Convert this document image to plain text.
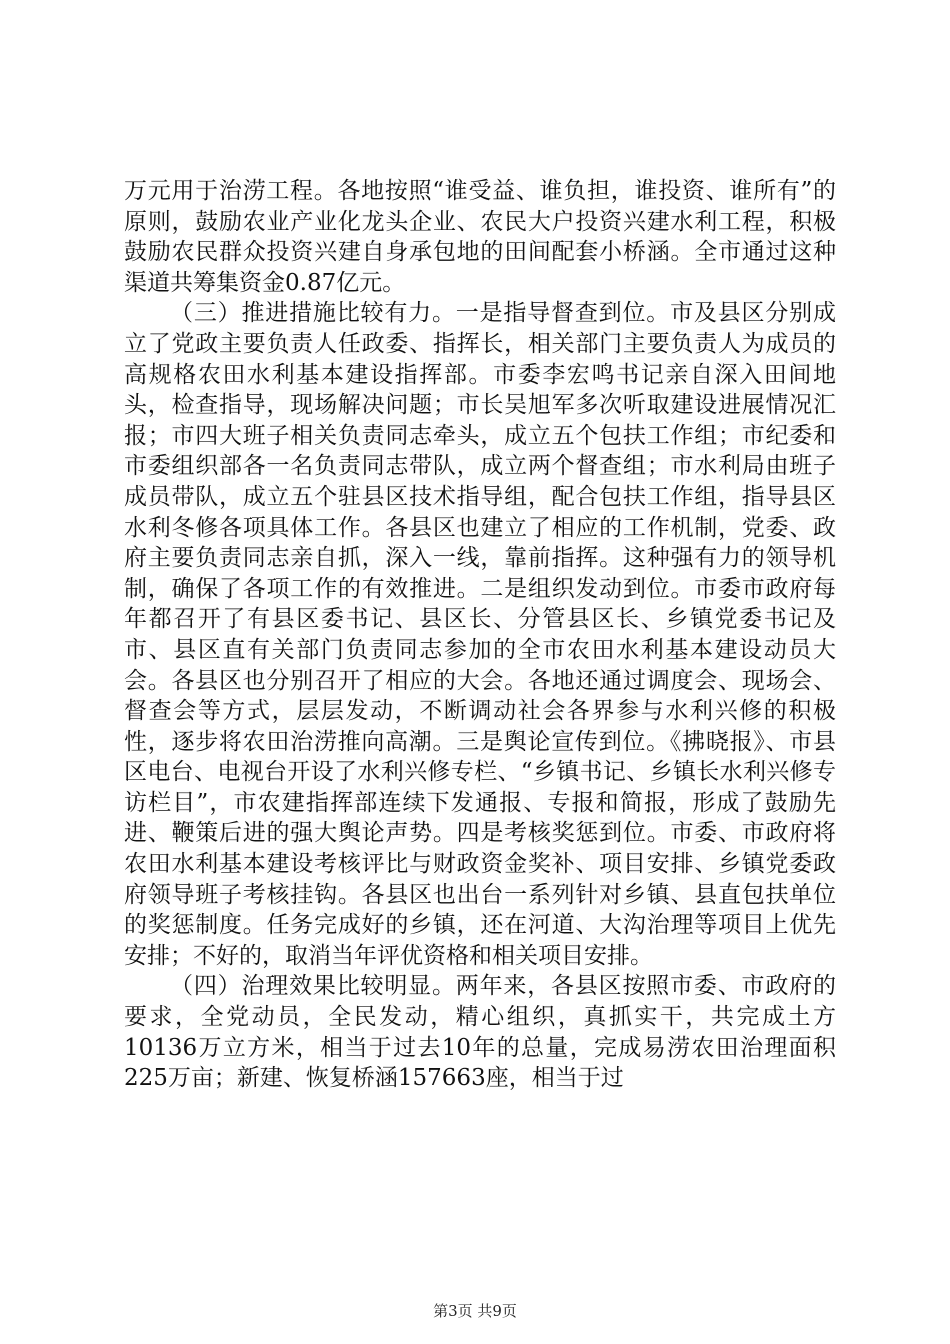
万元用于治涝工程。各地按照“谁受益、谁负担，谁投资、谁所有”的原则，鼓励农业产业化龙头企业、农民大户投资兴建水利工程，积极鼓励农民群众投资兴建自身承包地的田间配套小桥涵。全市通过这种渠道共筹集资金0.87亿元。

（三）推进措施比较有力。一是指导督查到位。市及县区分别成立了党政主要负责人任政委、指挥长，相关部门主要负责人为成员的高规格农田水利基本建设指挥部。市委李宏鸣书记亲自深入田间地头，检查指导，现场解决问题；市长吴旭军多次听取建设进展情况汇报；市四大班子相关负责同志牵头，成立五个包扶工作组；市纪委和市委组织部各一名负责同志带队，成立两个督查组；市水利局由班子成员带队，成立五个驻县区技术指导组，配合包扶工作组，指导县区水利冬修各项具体工作。各县区也建立了相应的工作机制，党委、政府主要负责同志亲自抓，深入一线，靠前指挥。这种强有力的领导机制，确保了各项工作的有效推进。二是组织发动到位。市委市政府每年都召开了有县区委书记、县区长、分管县区长、乡镇党委书记及市、县区直有关部门负责同志参加的全市农田水利基本建设动员大会。各县区也分别召开了相应的大会。各地还通过调度会、现场会、督查会等方式，层层发动，不断调动社会各界参与水利兴修的积极性，逐步将农田治涝推向高潮。三是舆论宣传到位。《拂晓报》、市县区电台、电视台开设了水利兴修专栏、“乡镇书记、乡镇长水利兴修专访栏目”，市农建指挥部连续下发通报、专报和简报，形成了鼓励先进、鞭策后进的强大舆论声势。四是考核奖惩到位。市委、市政府将农田水利基本建设考核评比与财政资金奖补、项目安排、乡镇党委政府领导班子考核挂钩。各县区也出台一系列针对乡镇、县直包扶单位的奖惩制度。任务完成好的乡镇，还在河道、大沟治理等项目上优先安排；不好的，取消当年评优资格和相关项目安排。

（四）治理效果比较明显。两年来，各县区按照市委、市政府的要求，全党动员，全民发动，精心组织，真抓实干，共完成土方10136万立方米，相当于过去10年的总量，完成易涝农田治理面积225万亩；新建、恢复桥涵157663座，相当于过

第3页 共9页
